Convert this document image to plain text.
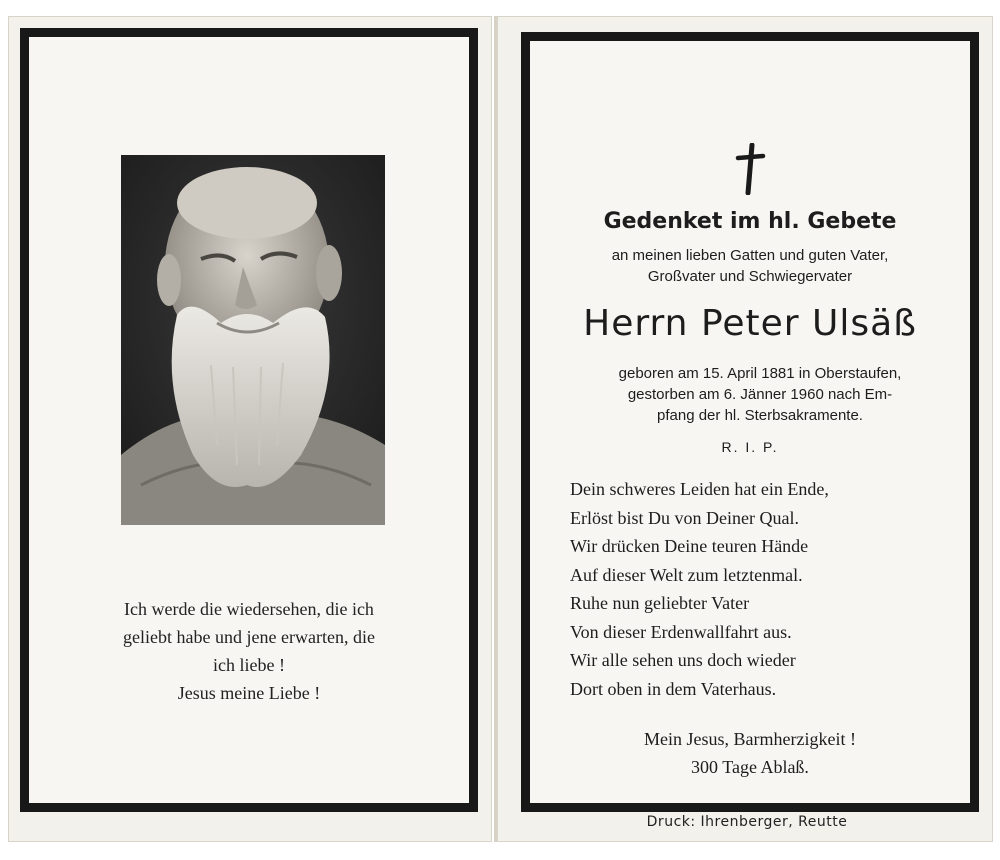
Ich werde die wiedersehen, die ich
geliebt habe und jene erwarten, die
ich liebe !
Jesus meine Liebe !
Gedenket im hl. Gebete
an meinen lieben Gatten und guten Vater,
Großvater und Schwiegervater
Herrn Peter Ulsäß
geboren am 15. April 1881 in Oberstaufen,
gestorben am 6. Jänner 1960 nach Em-
pfang der hl. Sterbsakramente.
R. I. P.
Dein schweres Leiden hat ein Ende,
Erlöst bist Du von Deiner Qual.
Wir drücken Deine teuren Hände
Auf dieser Welt zum letztenmal.
Ruhe nun geliebter Vater
Von dieser Erdenwallfahrt aus.
Wir alle sehen uns doch wieder
Dort oben in dem Vaterhaus.
Mein Jesus, Barmherzigkeit !
300 Tage Ablaß.
Druck: Ihrenberger, Reutte
